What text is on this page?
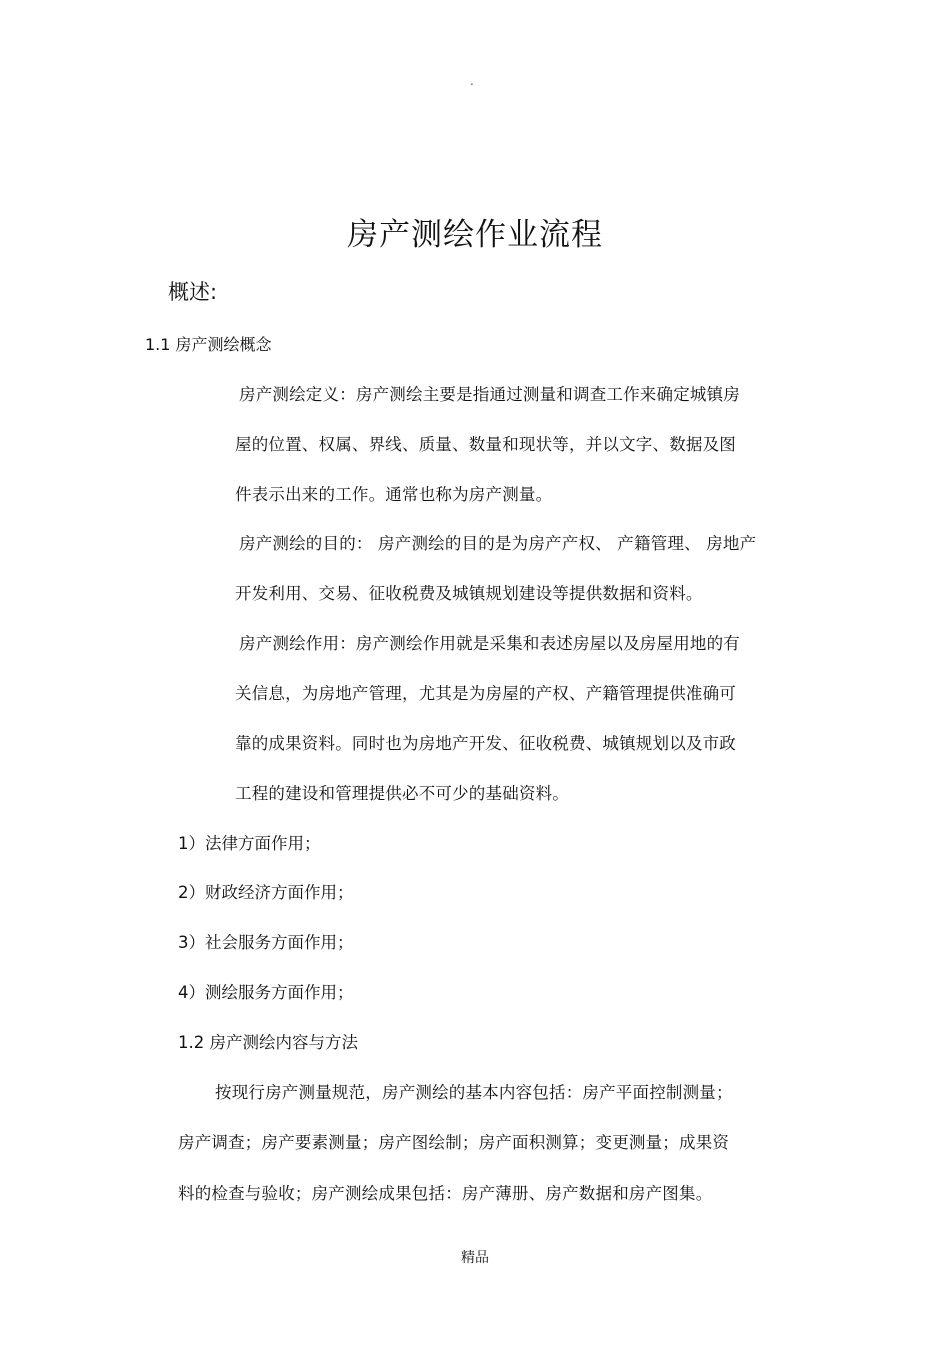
.
房产测绘作业流程
概述:
1.1 房产测绘概念
房产测绘定义：房产测绘主要是指通过测量和调查工作来确定城镇房
屋的位置、权属、界线、质量、数量和现状等，并以文字、数据及图
件表示出来的工作。通常也称为房产测量。
房产测绘的目的： 房产测绘的目的是为房产产权、 产籍管理、 房地产
开发利用、交易、征收税费及城镇规划建设等提供数据和资料。
房产测绘作用：房产测绘作用就是采集和表述房屋以及房屋用地的有
关信息，为房地产管理，尤其是为房屋的产权、产籍管理提供准确可
靠的成果资料。同时也为房地产开发、征收税费、城镇规划以及市政
工程的建设和管理提供必不可少的基础资料。
1）法律方面作用；
2）财政经济方面作用；
3）社会服务方面作用；
4）测绘服务方面作用；
1.2 房产测绘内容与方法
按现行房产测量规范，房产测绘的基本内容包括：房产平面控制测量；
房产调查；房产要素测量；房产图绘制；房产面积测算；变更测量；成果资
料的检查与验收；房产测绘成果包括：房产薄册、房产数据和房产图集。
精品
